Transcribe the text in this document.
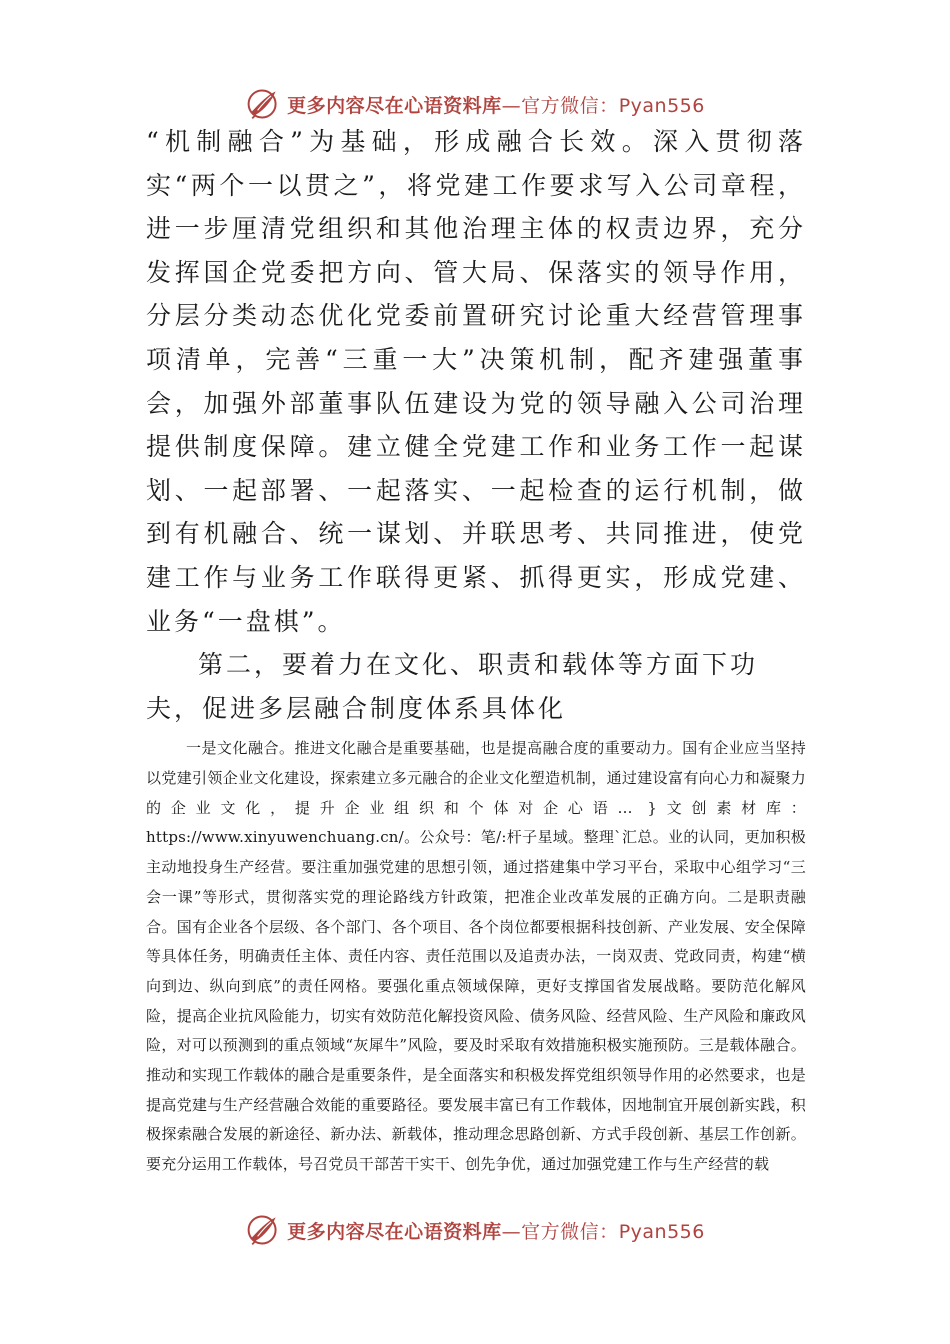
更多内容尽在心语资料库—官方微信：Pyan556

“机制融合”为基础，形成融合长效。深入贯彻落实“两个一以贯之”，将党建工作要求写入公司章程，进一步厘清党组织和其他治理主体的权责边界，充分发挥国企党委把方向、管大局、保落实的领导作用，分层分类动态优化党委前置研究讨论重大经营管理事项清单，完善“三重一大”决策机制，配齐建强董事会，加强外部董事队伍建设为党的领导融入公司治理提供制度保障。建立健全党建工作和业务工作一起谋划、一起部署、一起落实、一起检查的运行机制，做到有机融合、统一谋划、并联思考、共同推进，使党建工作与业务工作联得更紧、抓得更实，形成党建、业务“一盘棋”。

第二，要着力在文化、职责和载体等方面下功夫，促进多层融合制度体系具体化

一是文化融合。推进文化融合是重要基础，也是提高融合度的重要动力。国有企业应当坚持以党建引领企业文化建设，探索建立多元融合的企业文化塑造机制，通过建设富有向心力和凝聚力的企业文化，提升企业组织和个体对企心语… }文创素材库：https://www.xinyuwenchuang.cn/。公众号：笔/:杆子星域。整理`汇总。业的认同，更加积极主动地投身生产经营。要注重加强党建的思想引领，通过搭建集中学习平台，采取中心组学习“三会一课”等形式，贯彻落实党的理论路线方针政策，把准企业改革发展的正确方向。二是职责融合。国有企业各个层级、各个部门、各个项目、各个岗位都要根据科技创新、产业发展、安全保障等具体任务，明确责任主体、责任内容、责任范围以及追责办法，一岗双责、党政同责，构建“横向到边、纵向到底”的责任网格。要强化重点领域保障，更好支撑国省发展战略。要防范化解风险，提高企业抗风险能力，切实有效防范化解投资风险、债务风险、经营风险、生产风险和廉政风险，对可以预测到的重点领域“灰犀牛”风险，要及时采取有效措施积极实施预防。三是载体融合。推动和实现工作载体的融合是重要条件，是全面落实和积极发挥党组织领导作用的必然要求，也是提高党建与生产经营融合效能的重要路径。要发展丰富已有工作载体，因地制宜开展创新实践，积极探索融合发展的新途径、新办法、新载体，推动理念思路创新、方式手段创新、基层工作创新。要充分运用工作载体，号召党员干部苦干实干、创先争优，通过加强党建工作与生产经营的载

更多内容尽在心语资料库—官方微信：Pyan556
